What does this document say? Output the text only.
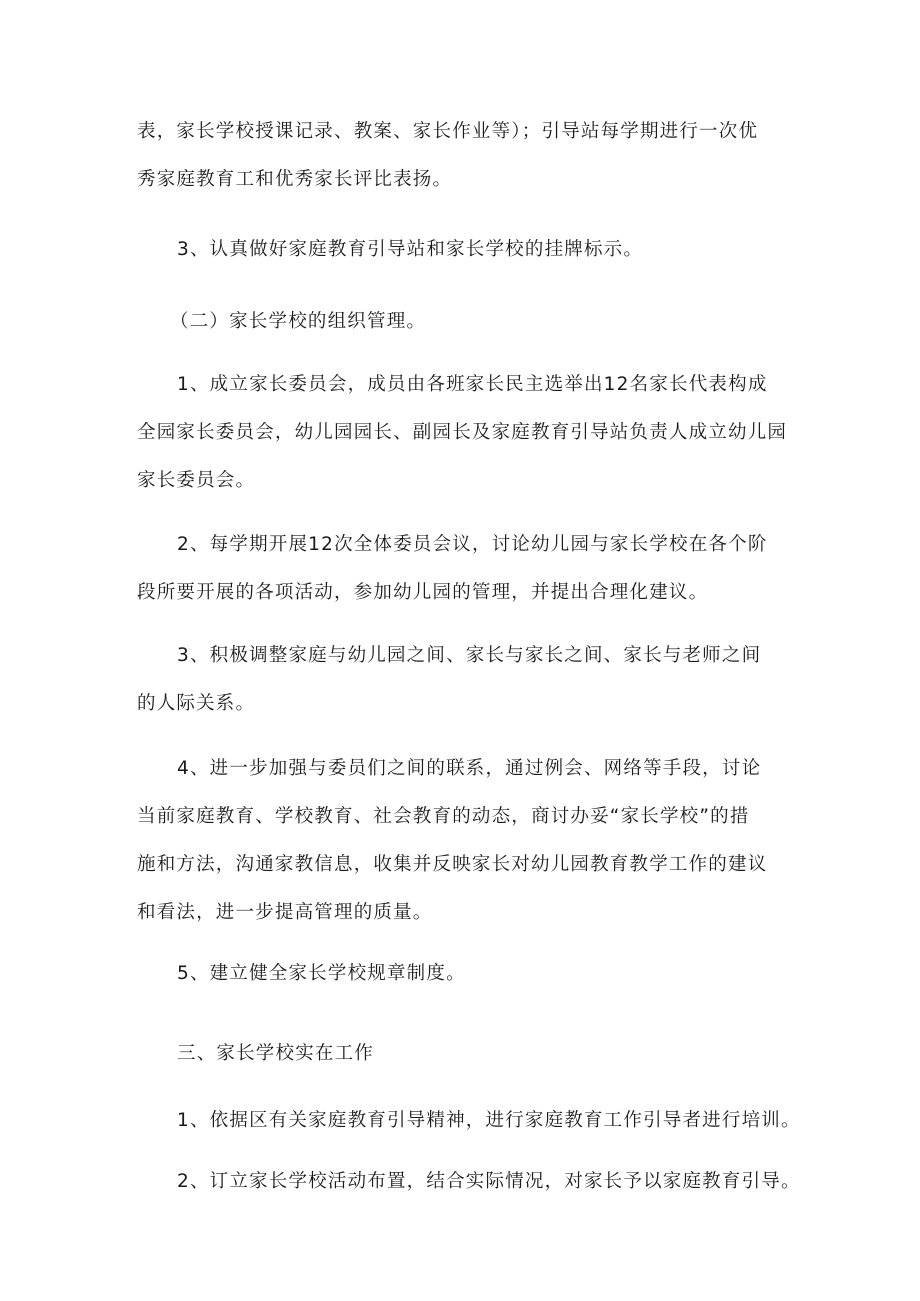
表，家长学校授课记录、教案、家长作业等）；引导站每学期进行一次优
秀家庭教育工和优秀家长评比表扬。

3、认真做好家庭教育引导站和家长学校的挂牌标示。

（二）家长学校的组织管理。

1、成立家长委员会，成员由各班家长民主选举出12名家长代表构成
全园家长委员会，幼儿园园长、副园长及家庭教育引导站负责人成立幼儿园
家长委员会。

2、每学期开展12次全体委员会议，讨论幼儿园与家长学校在各个阶
段所要开展的各项活动，参加幼儿园的管理，并提出合理化建议。

3、积极调整家庭与幼儿园之间、家长与家长之间、家长与老师之间
的人际关系。

4、进一步加强与委员们之间的联系，通过例会、网络等手段，讨论
当前家庭教育、学校教育、社会教育的动态，商讨办妥“家长学校”的措
施和方法，沟通家教信息，收集并反映家长对幼儿园教育教学工作的建议
和看法，进一步提高管理的质量。

5、建立健全家长学校规章制度。

三、家长学校实在工作

1、依据区有关家庭教育引导精神，进行家庭教育工作引导者进行培训。

2、订立家长学校活动布置，结合实际情况，对家长予以家庭教育引导。
